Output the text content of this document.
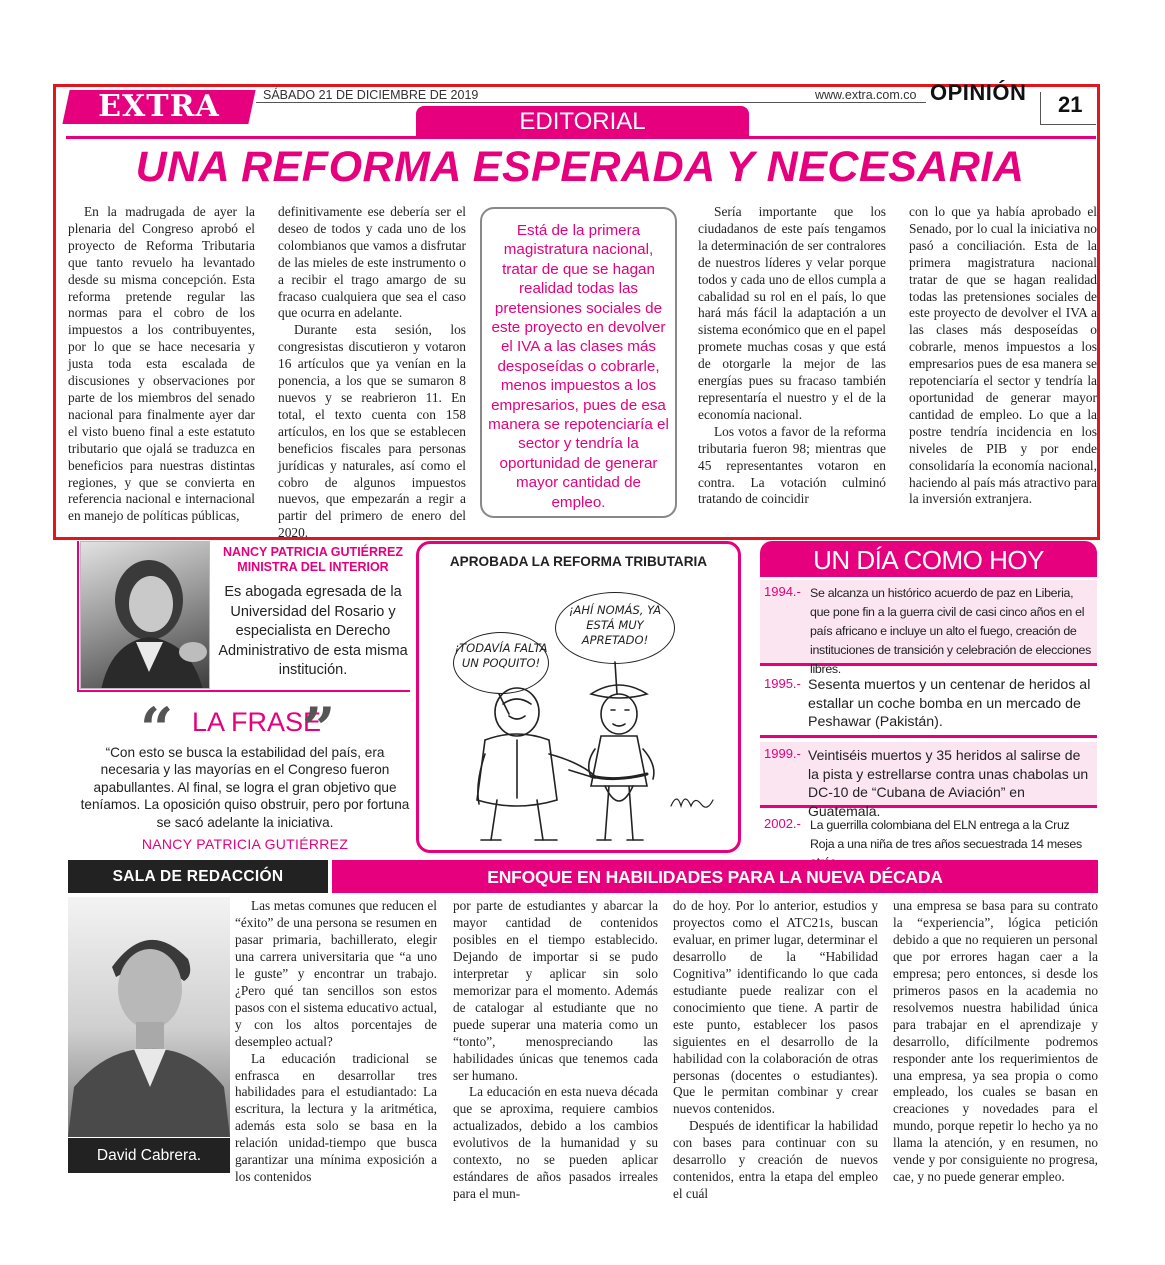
EXTRA	SÁBADO 21 DE DICIEMBRE DE 2019	www.extra.com.co OPINIÓN 21
EDITORIAL
UNA REFORMA ESPERADA Y NECESARIA

En la madrugada de ayer la plenaria del Congreso aprobó el proyecto de Reforma Tributaria que tanto revuelo ha levantado desde su misma concepción. Esta reforma pretende regular las normas para el cobro de los impuestos a los contribuyentes, por lo que se hace necesaria y justa toda esta escalada de discusiones y observaciones por parte de los miembros del senado nacional para finalmente ayer dar el visto bueno final a este estatuto tributario que ojalá se traduzca en beneficios para nuestras distintas regiones, y que se convierta en referencia nacional e internacional en manejo de políticas públicas,

definitivamente ese debería ser el deseo de todos y cada uno de los colombianos que vamos a disfrutar de las mieles de este instrumento o a recibir el trago amargo de su fracaso cualquiera que sea el caso que ocurra en adelante.

Durante esta sesión, los congresistas discutieron y votaron 16 artículos que ya venían en la ponencia, a los que se sumaron 8 nuevos y se reabrieron 11. En total, el texto cuenta con 158 artículos, en los que se establecen beneficios fiscales para personas jurídicas y naturales, así como el cobro de algunos impuestos nuevos, que empezarán a regir a partir del primero de enero del 2020.

Está de la primera magistratura nacional, tratar de que se hagan realidad todas las pretensiones sociales de este proyecto en devolver el IVA a las clases más desposeídas o cobrarle, menos impuestos a los empresarios, pues de esa manera se repotenciaría el sector y tendría la oportunidad de generar mayor cantidad de empleo.

Sería importante que los ciudadanos de este país tengamos la determinación de ser contralores de nuestros líderes y velar porque todos y cada uno de ellos cumpla a cabalidad su rol en el país, lo que hará más fácil la adaptación a un sistema económico que en el papel promete muchas cosas y que está de otorgarle la mejor de las energías pues su fracaso también representaría el nuestro y el de la economía nacional.

Los votos a favor de la reforma tributaria fueron 98; mientras que 45 representantes votaron en contra. La votación culminó tratando de coincidir

con lo que ya había aprobado el Senado, por lo cual la iniciativa no pasó a conciliación. Esta de la primera magistratura nacional tratar de que se hagan realidad todas las pretensiones sociales de este proyecto de devolver el IVA a las clases más desposeídas o cobrarle, menos impuestos a los empresarios pues de esa manera se repotenciaría el sector y tendría la oportunidad de generar mayor cantidad de empleo. Lo que a la postre tendría incidencia en los niveles de PIB y por ende consolidaría la economía nacional, haciendo al país más atractivo para la inversión extranjera.

NANCY PATRICIA GUTIÉRREZ
MINISTRA DEL INTERIOR
Es abogada egresada de la Universidad del Rosario y especialista en Derecho Administrativo de esta misma institución.
“ LA FRASE
”
“Con esto se busca la estabilidad del país, era necesaria y las mayorías en el Congreso fueron apabullantes. Al final, se logra el gran objetivo que teníamos. La oposición quiso obstruir, pero por fortuna se sacó adelante la iniciativa.
NANCY PATRICIA GUTIÉRREZ
APROBADA LA REFORMA TRIBUTARIA
¡TODAVÍA FALTA UN POQUITO!
¡AHÍ NOMÁS, YA ESTÁ MUY APRETADO!
UN DÍA COMO HOY
1994.- Se alcanza un histórico acuerdo de paz en Liberia, que pone fin a la guerra civil de casi cinco años en el país africano e incluye un alto el fuego, creación de instituciones de transición y celebración de elecciones libres.
1995.- Sesenta muertos y un centenar de heridos al estallar un coche bomba en un mercado de Peshawar (Pakistán).
1999.- Veintiséis muertos y 35 heridos al salirse de la pista y estrellarse contra unas chabolas un DC-10 de “Cubana de Aviación” en Guatemala.
2002.- La guerrilla colombiana del ELN entrega a la Cruz Roja a una niña de tres años secuestrada 14 meses
SALA DE REDACCIÓN	ENFOQUE EN HABILIDADES PARA LA NUEVA DÉCADA
David Cabrera.

Las metas comunes que reducen el “éxito” de una persona se resumen en pasar primaria, bachillerato, elegir una carrera universitaria que “a uno le guste” y encontrar un trabajo. ¿Pero qué tan sencillos son estos pasos con el sistema educativo actual, y con los altos porcentajes de desempleo actual?

La educación tradicional se enfrasca en desarrollar tres habilidades para el estudiantado: La escritura, la lectura y la aritmética, además esta solo se basa en la relación unidad-tiempo que busca garantizar una mínima exposición a los contenidos

por parte de estudiantes y abarcar la mayor cantidad de contenidos posibles en el tiempo establecido. Dejando de importar si se pudo interpretar y aplicar sin solo memorizar para el momento. Además de catalogar al estudiante que no puede superar una materia como un “tonto”, menospreciando las habilidades únicas que tenemos cada ser humano.

La educación en esta nueva década que se aproxima, requiere cambios actualizados, debido a los cambios evolutivos de la humanidad y su contexto, no se pueden aplicar estándares de años pasados irreales para el mun-

do de hoy. Por lo anterior, estudios y proyectos como el ATC21s, buscan evaluar, en primer lugar, determinar el desarrollo de la “Habilidad Cognitiva” identificando lo que cada estudiante puede realizar con el conocimiento que tiene. A partir de este punto, establecer los pasos siguientes en el desarrollo de la habilidad con la colaboración de otras personas (docentes o estudiantes). Que le permitan combinar y crear nuevos contenidos.

Después de identificar la habilidad con bases para continuar con su desarrollo y creación de nuevos contenidos, entra la etapa del empleo el cuál

una empresa se basa para su contrato la “experiencia”, lógica petición debido a que no requieren un personal que por errores hagan caer a la empresa; pero entonces, si desde los primeros pasos en la academia no resolvemos nuestra habilidad única para trabajar en el aprendizaje y desarrollo, difícilmente podremos responder ante los requerimientos de una empresa, ya sea propia o como empleado, los cuales se basan en creaciones y novedades para el mundo, porque repetir lo hecho ya no llama la atención, y en resumen, no vende y por consiguiente no progresa, cae, y no puede generar empleo.
